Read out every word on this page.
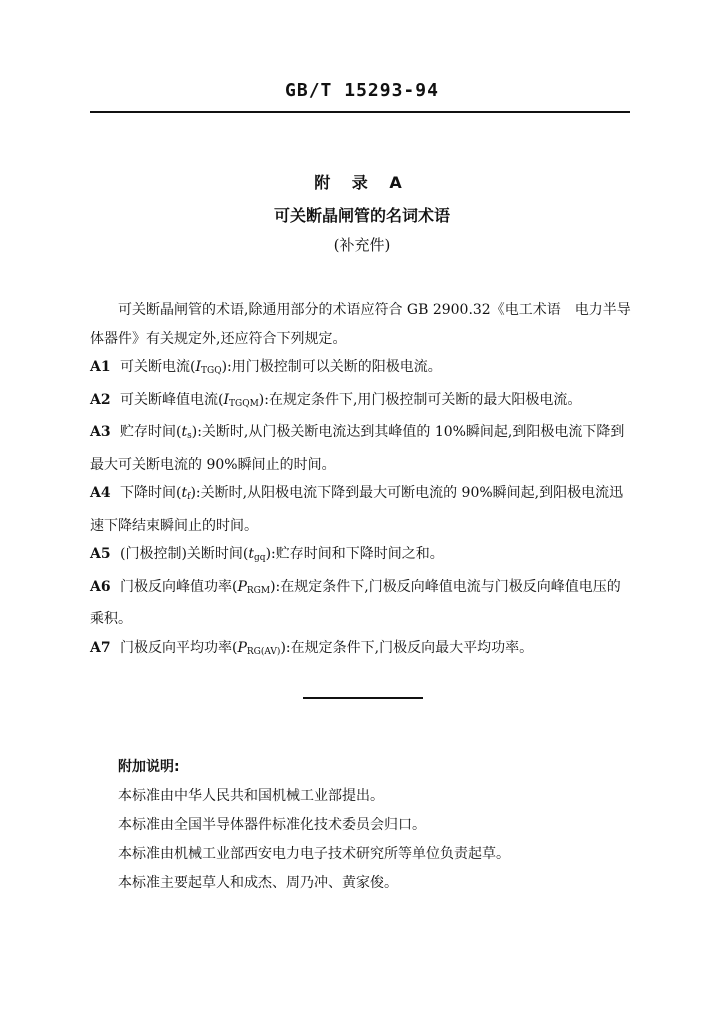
GB/T 15293-94
附 录 A
可关断晶闸管的名词术语
(补充件)

可关断晶闸管的术语,除通用部分的术语应符合 GB 2900.32《电工术语　电力半导体器件》有关规定外,还应符合下列规定。

A1 可关断电流$(I_{TGQ})$:用门极控制可以关断的阳极电流。

A2 可关断峰值电流$(I_{TGQM})$:在规定条件下,用门极控制可关断的最大阳极电流。

A3 贮存时间$(t_s)$:关断时,从门极关断电流达到其峰值的 10%瞬间起,到阳极电流下降到最大可关断电流的 90%瞬间止的时间。

A4 下降时间$(t_f)$:关断时,从阳极电流下降到最大可断电流的 90%瞬间起,到阳极电流迅速下降结束瞬间止的时间。

A5 (门极控制)关断时间$(t_{gq})$:贮存时间和下降时间之和。

A6 门极反向峰值功率$(P_{RGM})$:在规定条件下,门极反向峰值电流与门极反向峰值电压的乘积。

A7 门极反向平均功率$(P_{RG(AV)})$:在规定条件下,门极反向最大平均功率。

附加说明:

本标准由中华人民共和国机械工业部提出。

本标准由全国半导体器件标准化技术委员会归口。

本标准由机械工业部西安电力电子技术研究所等单位负责起草。

本标准主要起草人和成杰、周乃冲、黄家俊。
